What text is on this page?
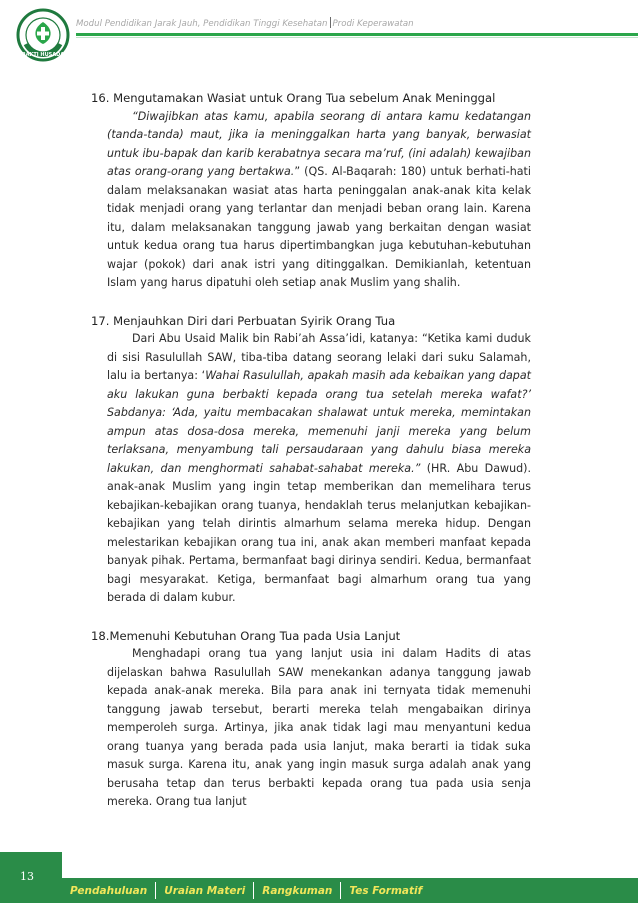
BAKTI HUSADA
Modul Pendidikan Jarak Jauh, Pendidikan Tinggi Kesehatan Prodi Keperawatan
16. Mengutamakan Wasiat untuk Orang Tua sebelum Anak Meninggal

“Diwajibkan atas kamu, apabila seorang di antara kamu kedatangan (tanda-tanda) maut, jika ia meninggalkan harta yang banyak, berwasiat untuk ibu-bapak dan karib kerabatnya secara ma’ruf, (ini adalah) kewajiban atas orang-orang yang bertakwa.” (QS. Al-Baqarah: 180) untuk berhati-hati dalam melaksanakan wasiat atas harta peninggalan anak-anak kita kelak tidak menjadi orang yang terlantar dan menjadi beban orang lain. Karena itu, dalam melaksanakan tanggung jawab yang berkaitan dengan wasiat untuk kedua orang tua harus dipertimbangkan juga kebutuhan-kebutuhan wajar (pokok) dari anak istri yang ditinggalkan. Demikianlah, ketentuan Islam yang harus dipatuhi oleh setiap anak Muslim yang shalih.

17. Menjauhkan Diri dari Perbuatan Syirik Orang Tua

Dari Abu Usaid Malik bin Rabi’ah Assa’idi, katanya: “Ketika kami duduk di sisi Rasulullah SAW, tiba-tiba datang seorang lelaki dari suku Salamah, lalu ia bertanya: ‘Wahai Rasulullah, apakah masih ada kebaikan yang dapat aku lakukan guna berbakti kepada orang tua setelah mereka wafat?’ Sabdanya: ‘Ada, yaitu membacakan shalawat untuk mereka, memintakan ampun atas dosa-dosa mereka, memenuhi janji mereka yang belum terlaksana, menyambung tali persaudaraan yang dahulu biasa mereka lakukan, dan menghormati sahabat-sahabat mereka.” (HR. Abu Dawud). anak-anak Muslim yang ingin tetap memberikan dan memelihara terus kebajikan-kebajikan orang tuanya, hendaklah terus melanjutkan kebajikan-kebajikan yang telah dirintis almarhum selama mereka hidup. Dengan melestarikan kebajikan orang tua ini, anak akan memberi manfaat kepada banyak pihak. Pertama, bermanfaat bagi dirinya sendiri. Kedua, bermanfaat bagi mesyarakat. Ketiga, bermanfaat bagi almarhum orang tua yang berada di dalam kubur.

18.Memenuhi Kebutuhan Orang Tua pada Usia Lanjut

Menghadapi orang tua yang lanjut usia ini dalam Hadits di atas dijelaskan bahwa Rasulullah SAW menekankan adanya tanggung jawab kepada anak-anak mereka. Bila para anak ini ternyata tidak memenuhi tanggung jawab tersebut, berarti mereka telah mengabaikan dirinya memperoleh surga. Artinya, jika anak tidak lagi mau menyantuni kedua orang tuanya yang berada pada usia lanjut, maka berarti ia tidak suka masuk surga. Karena itu, anak yang ingin masuk surga adalah anak yang berusaha tetap dan terus berbakti kepada orang tua pada usia senja mereka. Orang tua lanjut

13
Pendahuluan	Uraian Materi	Rangkuman	Tes Formatif
